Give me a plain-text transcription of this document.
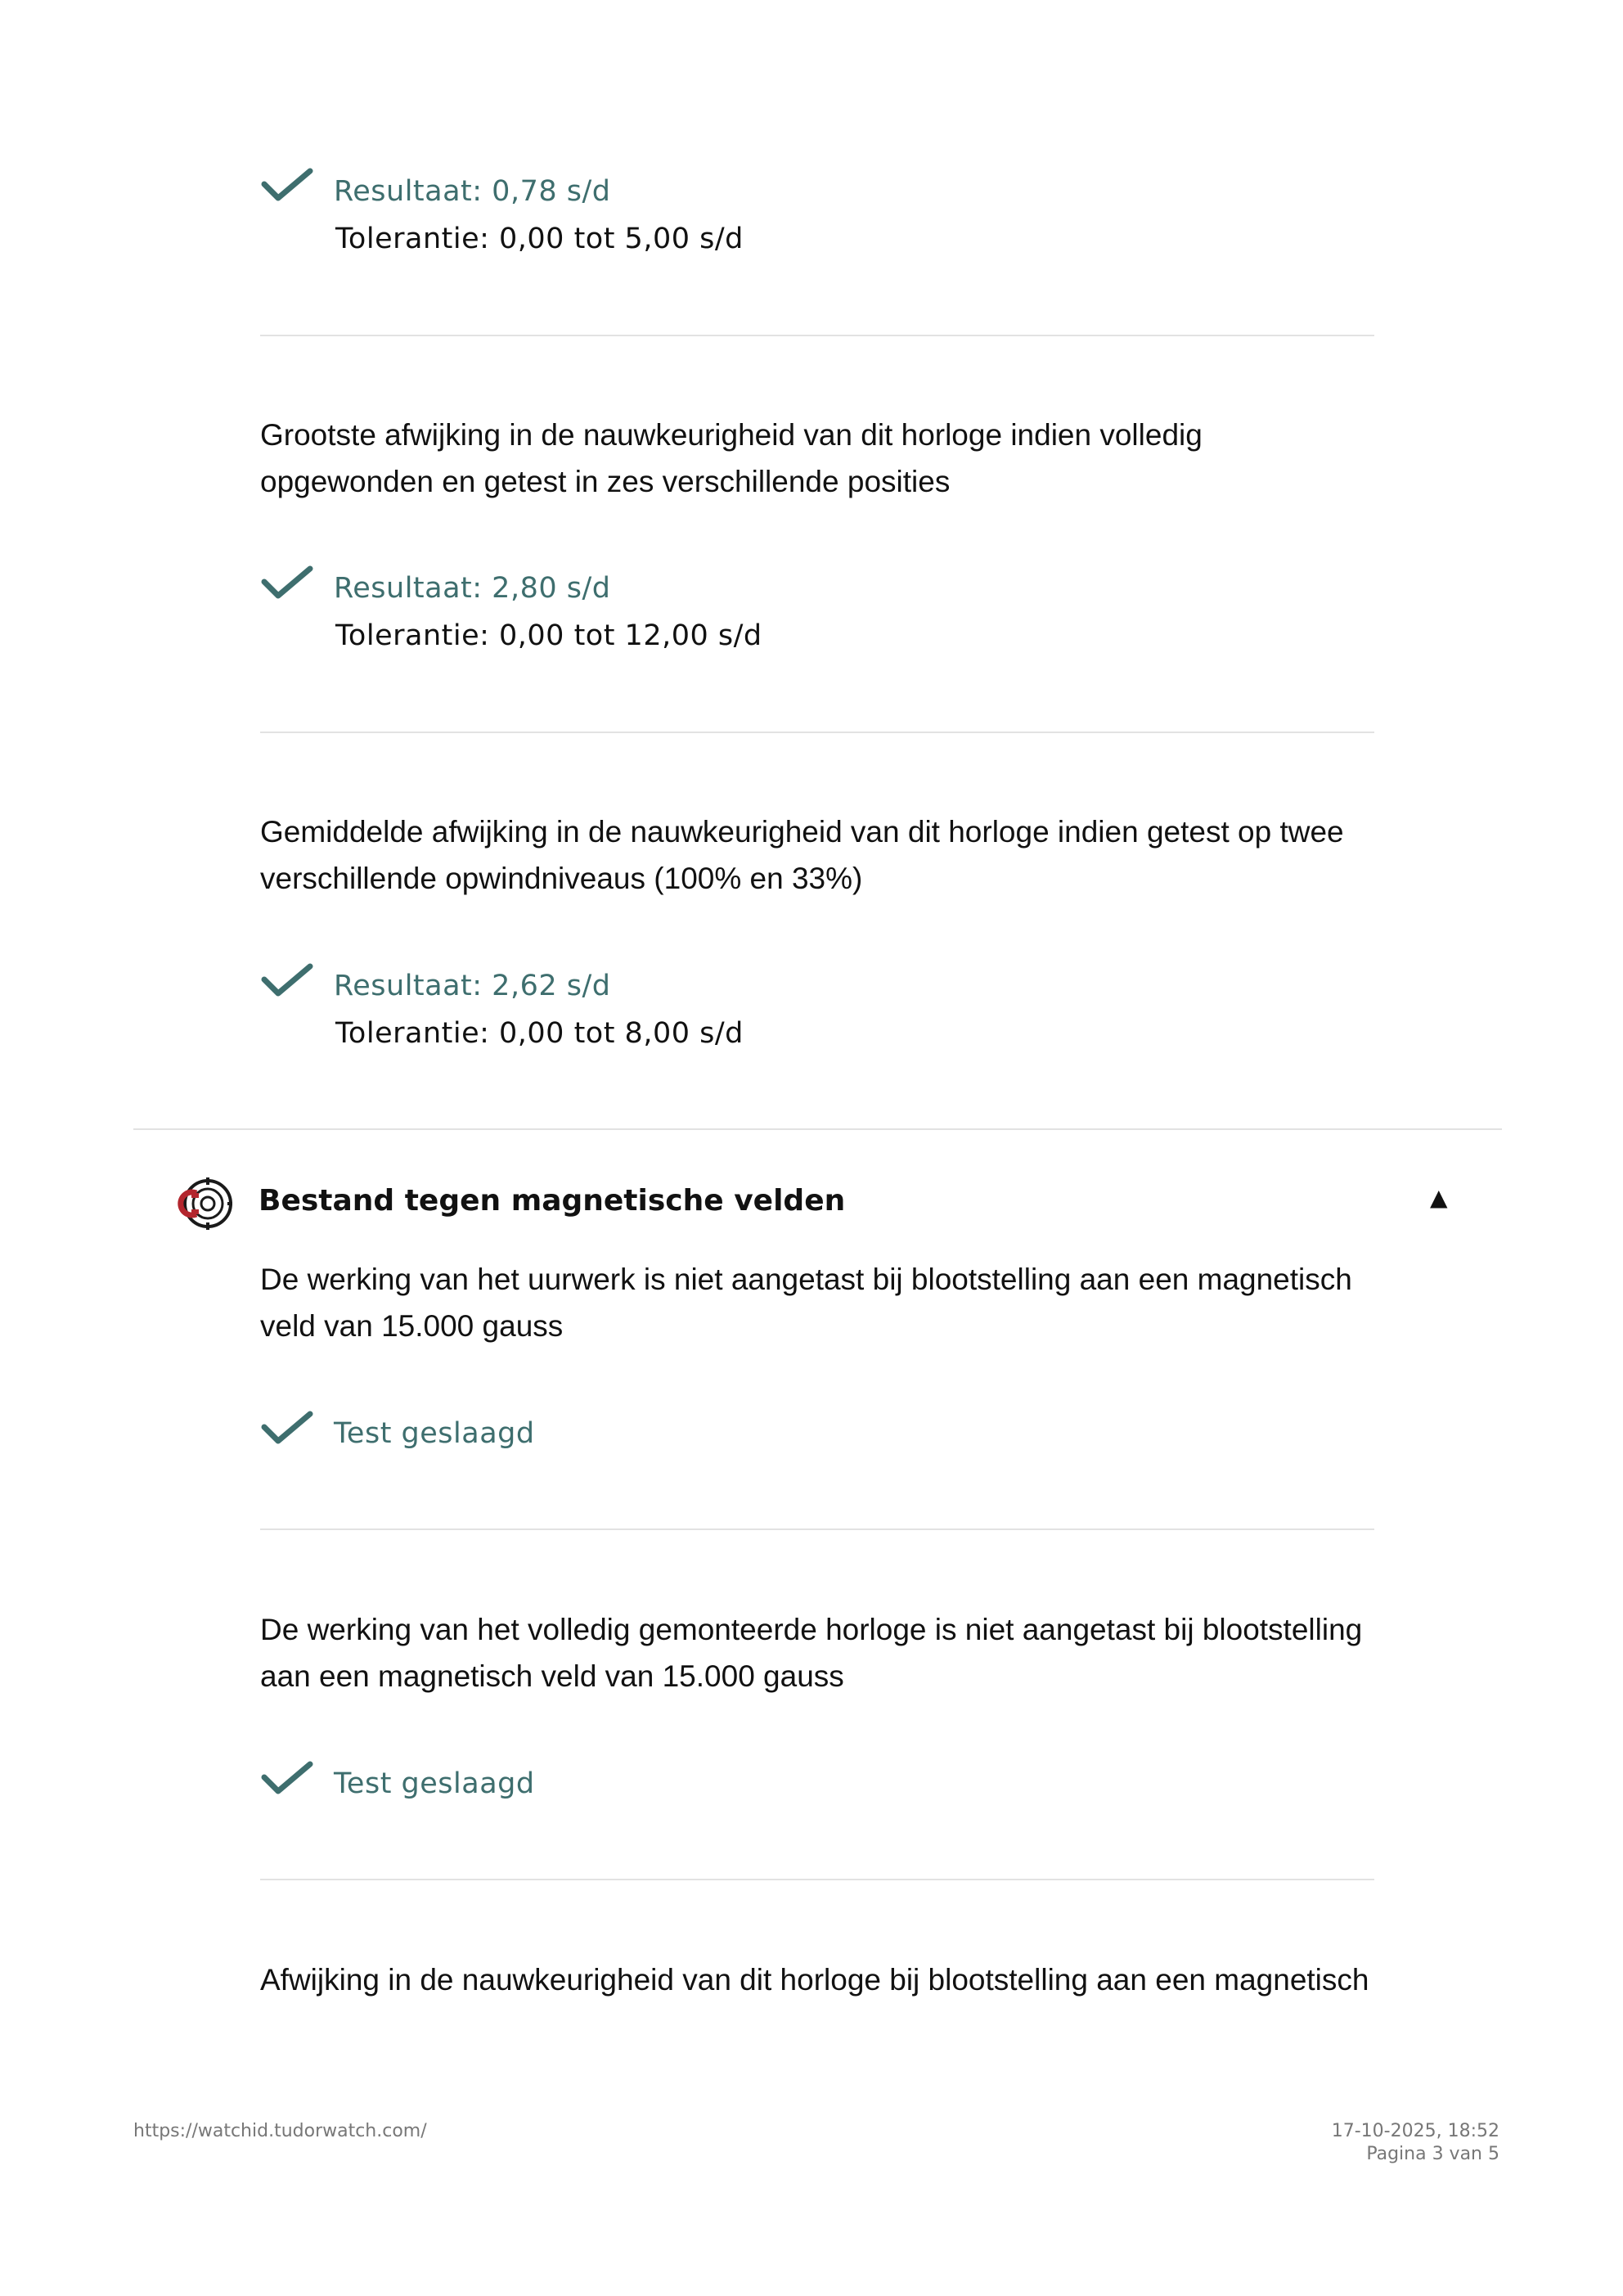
Resultaat: 0,78 s/d
Tolerantie: 0,00 tot 5,00 s/d
Grootste afwijking in de nauwkeurigheid van dit horloge indien volledig
opgewonden en getest in zes verschillende posities
Resultaat: 2,80 s/d
Tolerantie: 0,00 tot 12,00 s/d
Gemiddelde afwijking in de nauwkeurigheid van dit horloge indien getest op twee
verschillende opwindniveaus (100% en 33%)
Resultaat: 2,62 s/d
Tolerantie: 0,00 tot 8,00 s/d
Bestand tegen magnetische velden	▲
De werking van het uurwerk is niet aangetast bij blootstelling aan een magnetisch
veld van 15.000 gauss
Test geslaagd
De werking van het volledig gemonteerde horloge is niet aangetast bij blootstelling
aan een magnetisch veld van 15.000 gauss
Test geslaagd
Afwijking in de nauwkeurigheid van dit horloge bij blootstelling aan een magnetisch
https://watchid.tudorwatch.com/	17-10-2025, 18:52
Pagina 3 van 5
